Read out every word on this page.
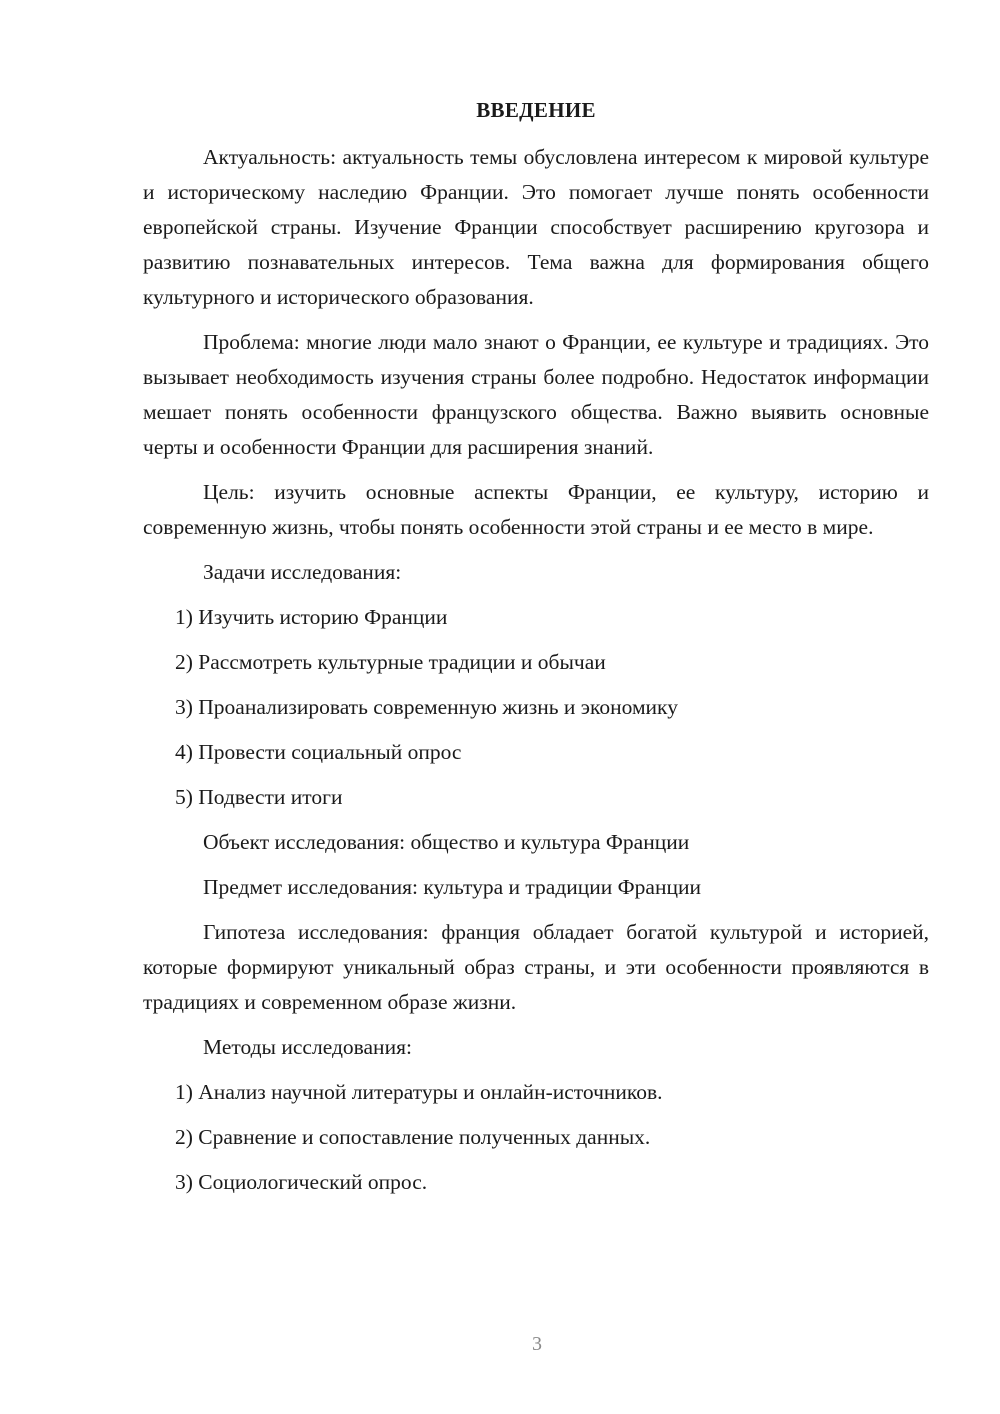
ВВЕДЕНИЕ

Актуальность: актуальность темы обусловлена интересом к мировой культуре и историческому наследию Франции. Это помогает лучше понять особенности европейской страны. Изучение Франции способствует расширению кругозора и развитию познавательных интересов. Тема важна для формирования общего культурного и исторического образования.

Проблема: многие люди мало знают о Франции, ее культуре и традициях. Это вызывает необходимость изучения страны более подробно. Недостаток информации мешает понять особенности французского общества. Важно выявить основные черты и особенности Франции для расширения знаний.

Цель: изучить основные аспекты Франции, ее культуру, историю и современную жизнь, чтобы понять особенности этой страны и ее место в мире.

Задачи исследования:
1) Изучить историю Франции
2) Рассмотреть культурные традиции и обычаи
3) Проанализировать современную жизнь и экономику
4) Провести социальный опрос
5) Подвести итоги
Объект исследования: общество и культура Франции
Предмет исследования: культура и традиции Франции

Гипотеза исследования: франция обладает богатой культурой и историей, которые формируют уникальный образ страны, и эти особенности проявляются в традициях и современном образе жизни.

Методы исследования:
1) Анализ научной литературы и онлайн-источников.
2) Сравнение и сопоставление полученных данных.
3) Социологический опрос.
3
